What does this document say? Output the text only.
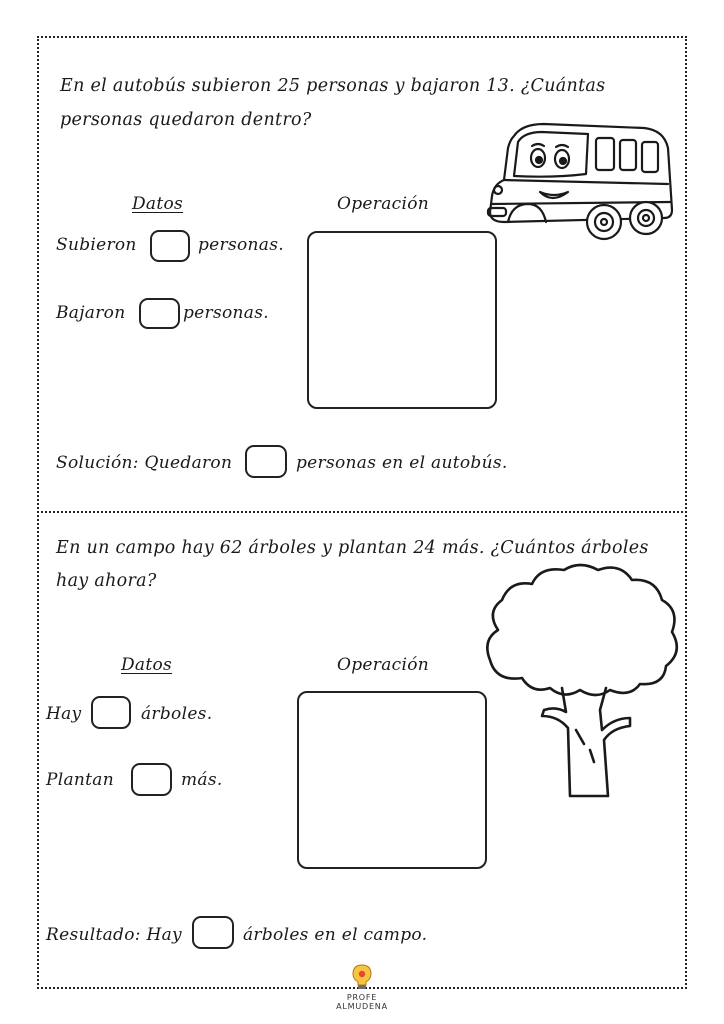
En el autobús subieron 25 personas y bajaron 13. ¿Cuántas
personas quedaron dentro?
Datos	Operación
Subieron	personas.
Bajaron	personas.
Solución: Quedaron	personas en el autobús.
En un campo hay 62 árboles y plantan 24 más. ¿Cuántos árboles
hay ahora?
Datos	Operación
Hay	árboles.
Plantan	más.
Resultado: Hay	árboles en el campo.
PROFE ALMUDENA
